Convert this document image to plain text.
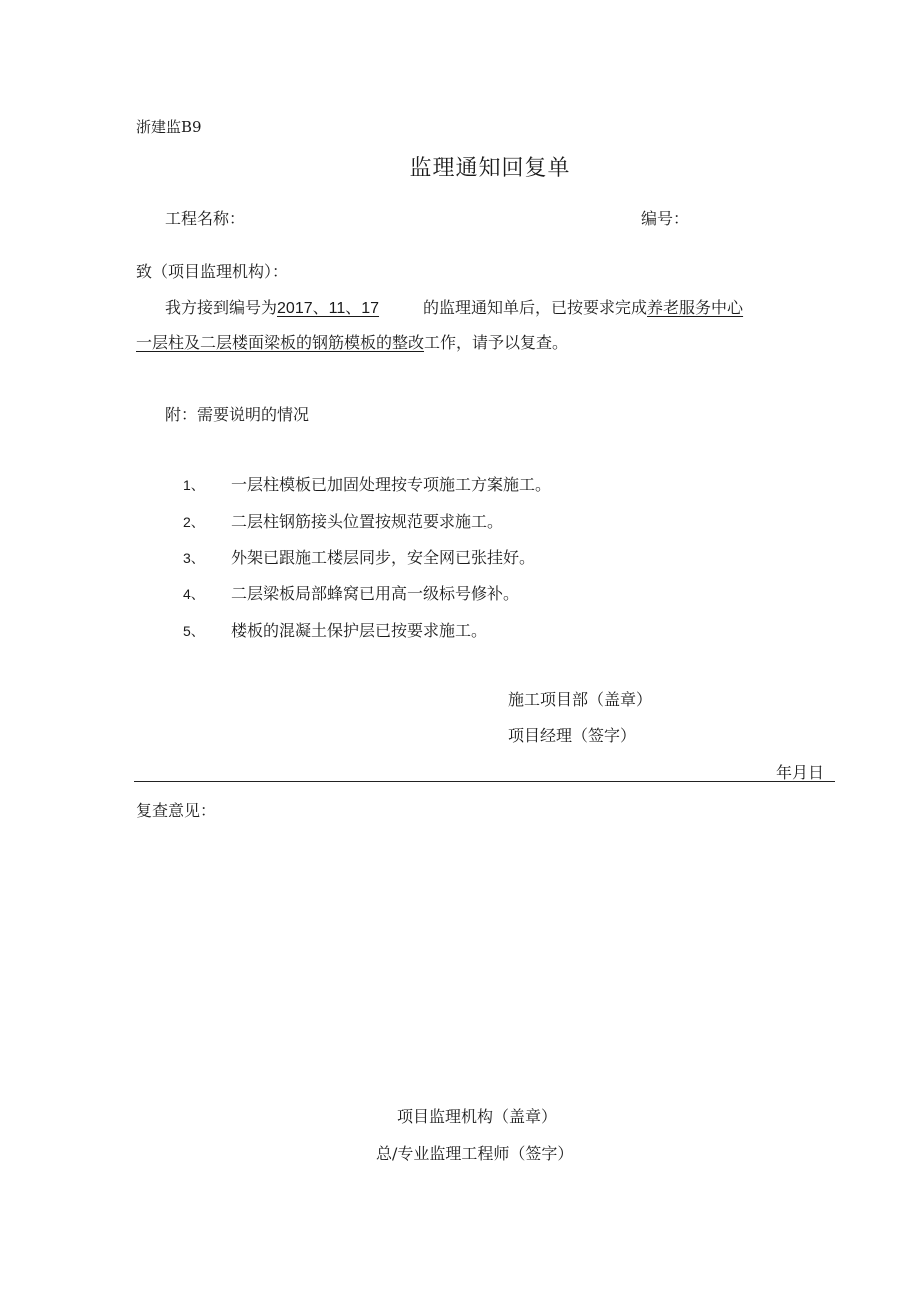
浙建监B9
监理通知回复单
工程名称：	编号：
致（项目监理机构）：
我方接到编号为2017、11、17	的监理通知单后，已按要求完成养老服务中心
一层柱及二层楼面梁板的钢筋模板的整改工作，请予以复查。
附：需要说明的情况
1、 一层柱模板已加固处理按专项施工方案施工。
2、 二层柱钢筋接头位置按规范要求施工。
3、 外架已跟施工楼层同步，安全网已张挂好。
4、 二层梁板局部蜂窝已用高一级标号修补。
5、 楼板的混凝土保护层已按要求施工。
施工项目部（盖章）
项目经理（签字）
年月日
复查意见：
项目监理机构（盖章）
总/专业监理工程师（签字）
